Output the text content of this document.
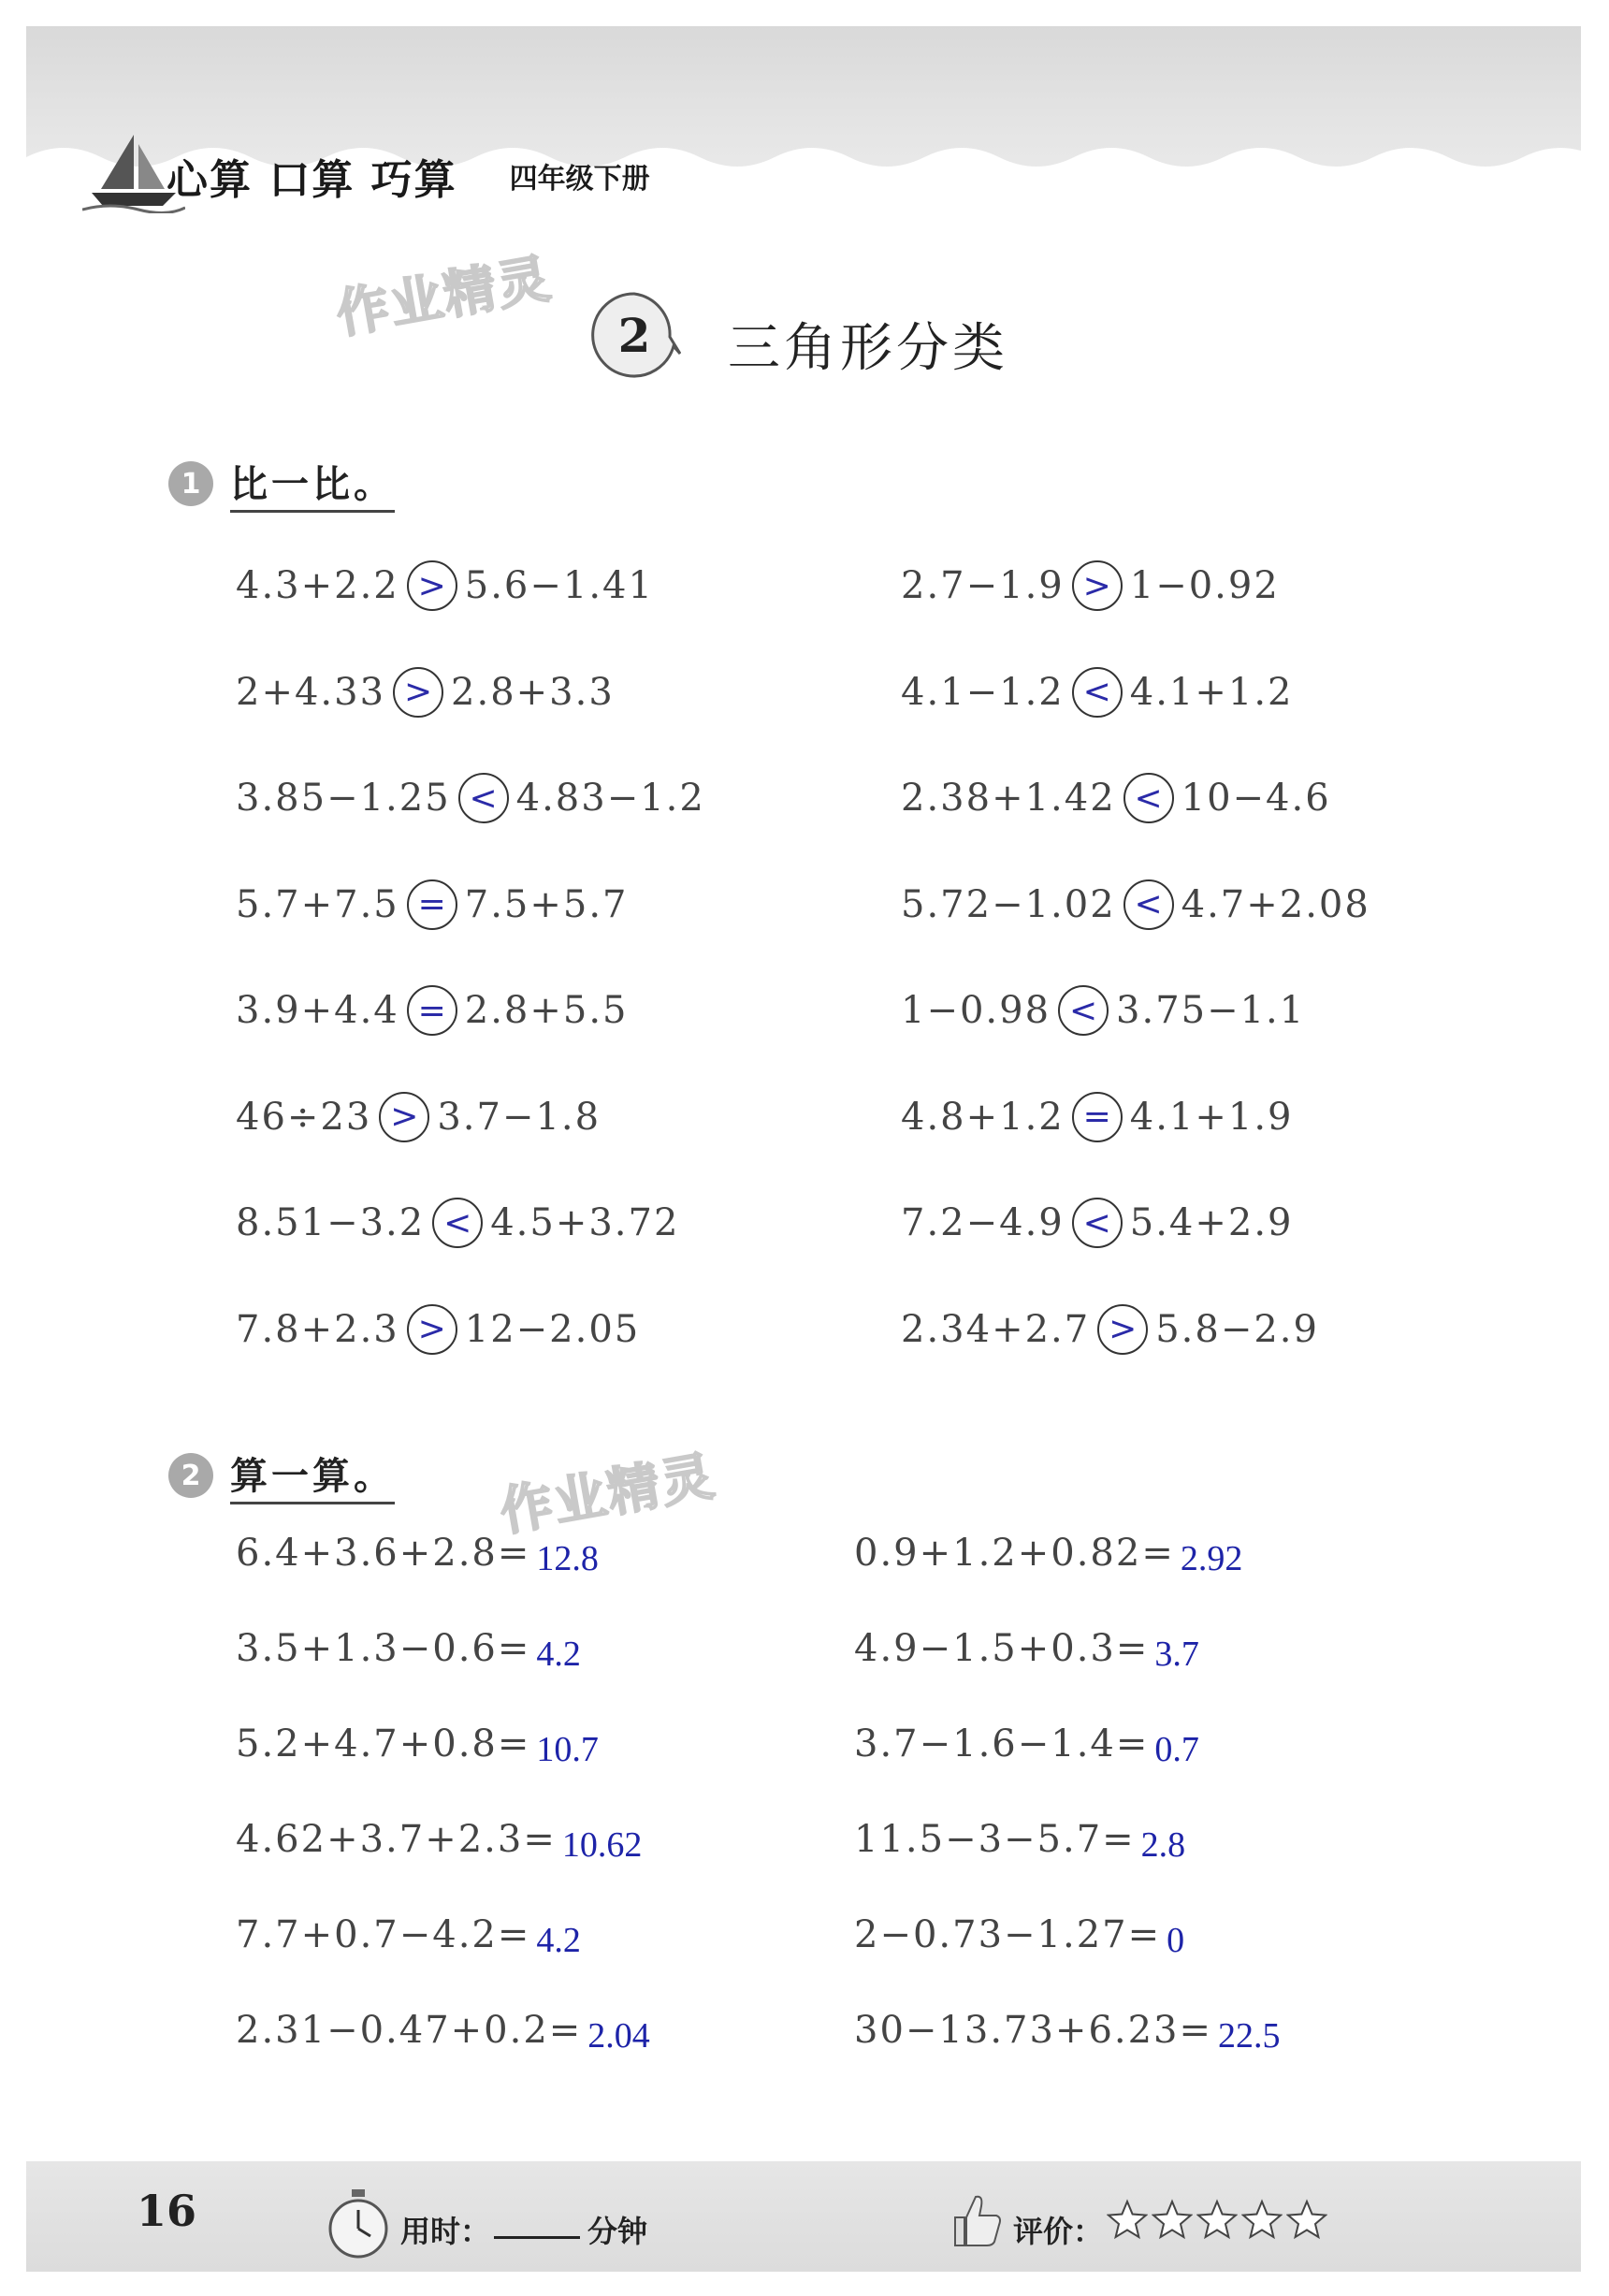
心算 口算 巧算 四年级下册
作业精灵	2	三角形分类
1 比一比。
4.3+2.2 > 5.6−1.41	2.7−1.9 > 1−0.92
2+4.33 > 2.8+3.3	4.1−1.2 < 4.1+1.2
3.85−1.25 < 4.83−1.2	2.38+1.42 < 10−4.6
5.7+7.5 = 7.5+5.7	5.72−1.02 < 4.7+2.08
3.9+4.4 = 2.8+5.5	1−0.98 < 3.75−1.1
46÷23 > 3.7−1.8	4.8+1.2 = 4.1+1.9
8.51−3.2 < 4.5+3.72	7.2−4.9 < 5.4+2.9
7.8+2.3 > 12−2.05	2.34+2.7 > 5.8−2.9
2 算一算。 作业精灵
6.4+3.6+2.8= 12.8	0.9+1.2+0.82= 2.92
3.5+1.3−0.6= 4.2	4.9−1.5+0.3= 3.7
5.2+4.7+0.8= 10.7	3.7−1.6−1.4= 0.7
4.62+3.7+2.3= 10.62	11.5−3−5.7= 2.8
7.7+0.7−4.2= 4.2	2−0.73−1.27= 0
2.31−0.47+0.2= 2.04	30−13.73+6.23= 22.5
16	用时：	分钟	评价：
